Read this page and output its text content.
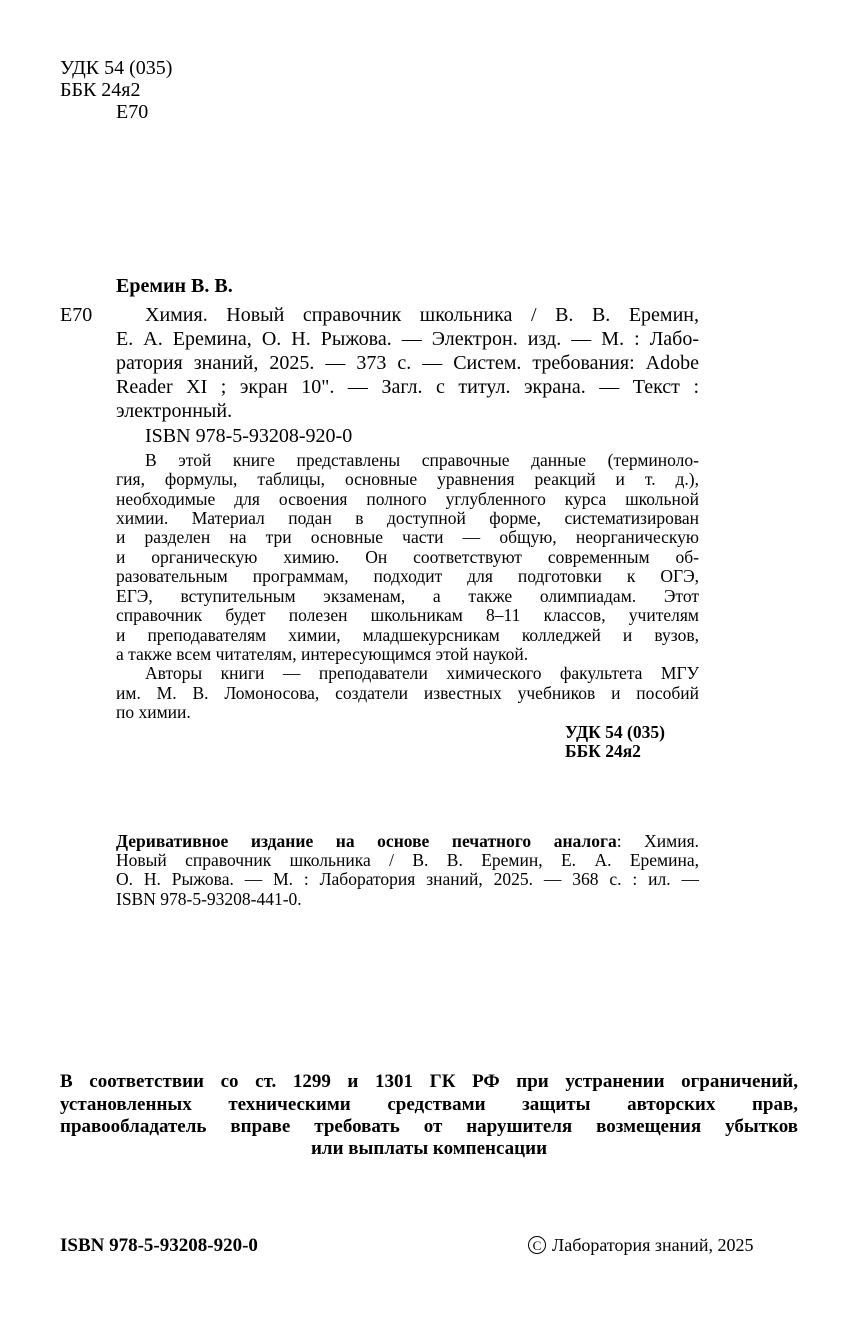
УДК 54 (035)
ББК 24я2
Е70
Еремин В. В.
Е70	Химия. Новый справочник школьника / В. В. Еремин,
Е. А. Еремина, О. Н. Рыжова. — Электрон. изд. — М. : Лабо-
ратория знаний, 2025. — 373 с. — Систем. требования: Adobe
Reader XI ; экран 10". — Загл. с титул. экрана. — Текст :
электронный.
ISBN 978-5-93208-920-0
В этой книге представлены справочные данные (терминоло-
гия, формулы, таблицы, основные уравнения реакций и т. д.),
необходимые для освоения полного углубленного курса школьной
химии. Материал подан в доступной форме, систематизирован
и разделен на три основные части — общую, неорганическую
и органическую химию. Он соответствуют современным об-
разовательным программам, подходит для подготовки к ОГЭ,
ЕГЭ, вступительным экзаменам, а также олимпиадам. Этот
справочник будет полезен школьникам 8–11 классов, учителям
и преподавателям химии, младшекурсникам колледжей и вузов,
а также всем читателям, интересующимся этой наукой.
Авторы книги — преподаватели химического факультета МГУ
им. М. В. Ломоносова, создатели известных учебников и пособий
по химии.
УДК 54 (035)
ББК 24я2
Деривативное издание на основе печатного аналога: Химия.
Новый справочник школьника / В. В. Еремин, Е. А. Еремина,
О. Н. Рыжова. — М. : Лаборатория знаний, 2025. — 368 с. : ил. —
ISBN 978-5-93208-441-0.
В соответствии со ст. 1299 и 1301 ГК РФ при устранении ограничений,
установленных техническими средствами защиты авторских прав,
правообладатель вправе требовать от нарушителя возмещения убытков
или выплаты компенсации
ISBN 978-5-93208-920-0	C Лаборатория знаний, 2025
